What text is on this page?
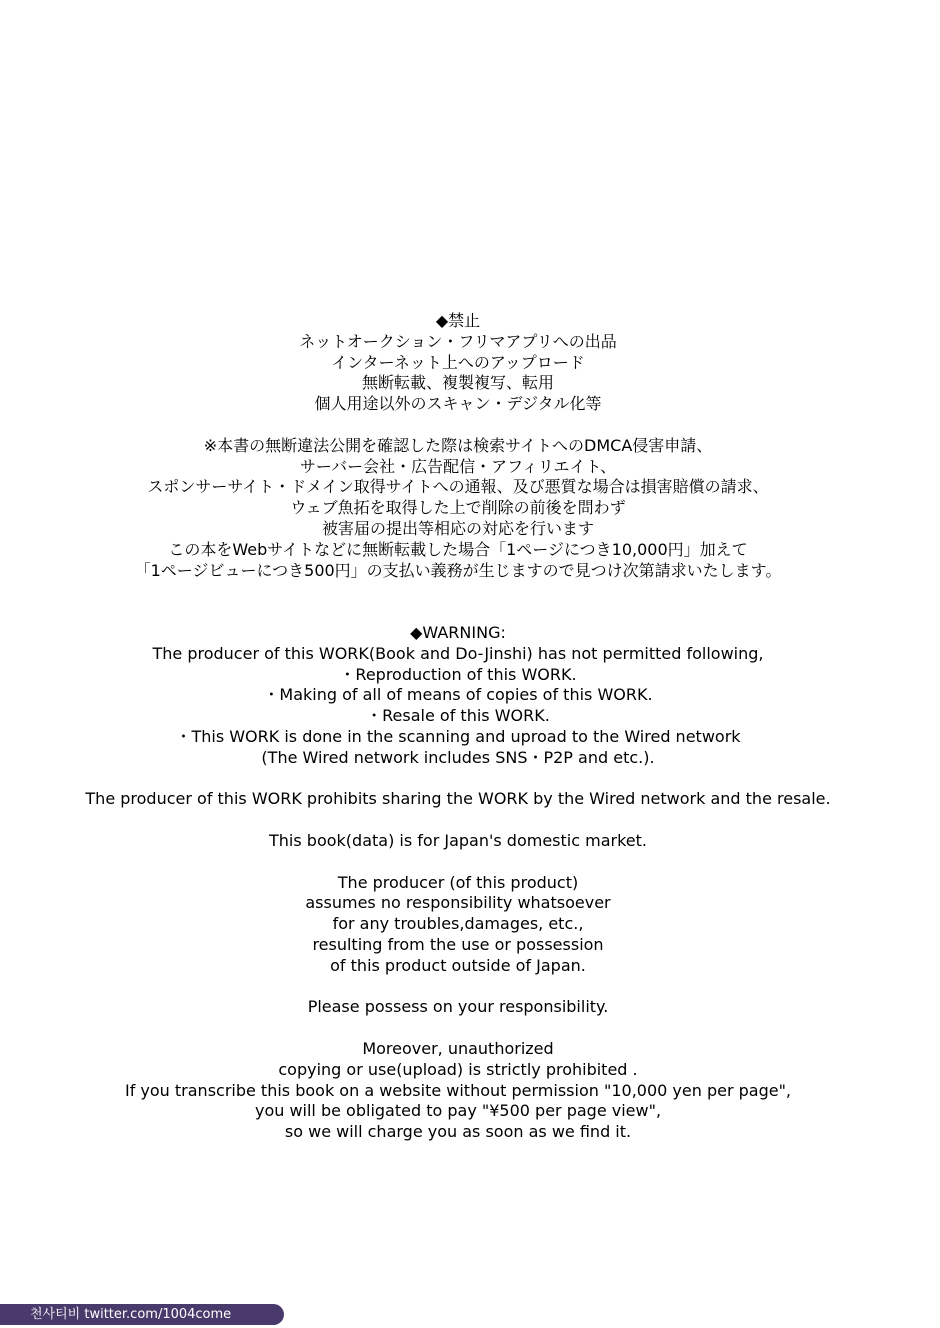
◆禁止
ネットオークション・フリマアプリへの出品
インターネット上へのアップロード
無断転載、複製複写、転用
個人用途以外のスキャン・デジタル化等
※本書の無断違法公開を確認した際は検索サイトへのDMCA侵害申請、
サーバー会社・広告配信・アフィリエイト、
スポンサーサイト・ドメイン取得サイトへの通報、及び悪質な場合は損害賠償の請求、
ウェブ魚拓を取得した上で削除の前後を問わず
被害届の提出等相応の対応を行います
この本をWebサイトなどに無断転載した場合「1ページにつき10,000円」加えて
「1ページビューにつき500円」の支払い義務が生じますので見つけ次第請求いたします。
◆WARNING:
The producer of this WORK(Book and Do-Jinshi) has not permitted following,
・Reproduction of this WORK.
・Making of all of means of copies of this WORK.
・Resale of this WORK.
・This WORK is done in the scanning and uproad to the Wired network
(The Wired network includes SNS・P2P and etc.).
The producer of this WORK prohibits sharing the WORK by the Wired network and the resale.
This book(data) is for Japan's domestic market.
The producer (of this product)
assumes no responsibility whatsoever
for any troubles,damages, etc.,
resulting from the use or possession
of this product outside of Japan.
Please possess on your responsibility.
Moreover, unauthorized
copying or use(upload) is strictly prohibited .
If you transcribe this book on a website without permission "10,000 yen per page",
you will be obligated to pay "¥500 per page view",
so we will charge you as soon as we find it.
천사티비 twitter.com/1004come
